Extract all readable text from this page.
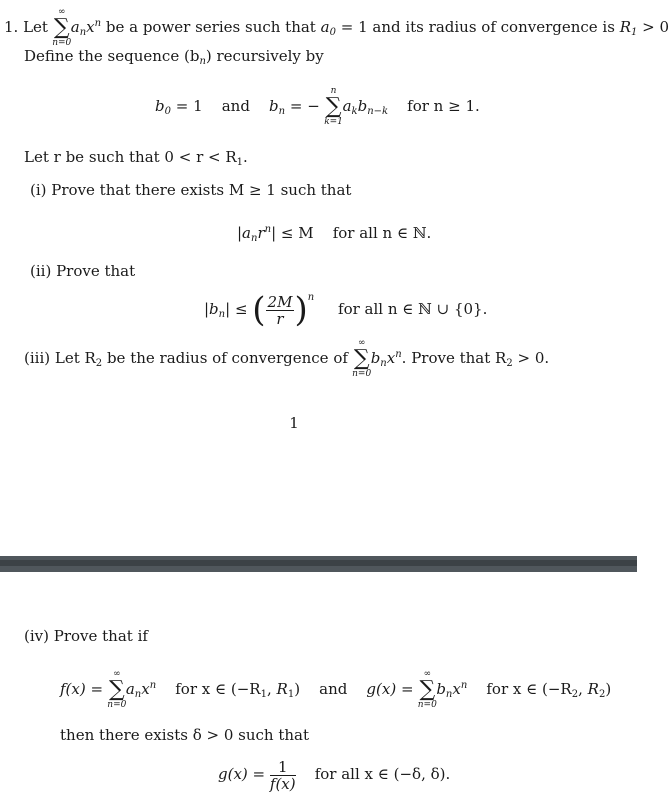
1. Let
∞
∑
n=0
$a_nx^n$ be a power series such that $a_0 = 1$ and its radius of convergence is $R_1 > 0$
Define the sequence $(b_n)$ recursively by
$b_0 = 1$ and $b_n$ = −
n
∑
k=1
$a_kb_{n-k}$ for n ≥ 1.
Let r be such that $0 < r < R_1$.
(i) Prove that there exists M ≥ 1 such that
$|a_nr^n| \le M$ for all n ∈ ℕ.
(ii) Prove that
$|b_n|$ ≤ ( $\frac{2M}{r} )^n$     for all n ∈ ℕ ∪ {0}.
(iii) Let $R_2$ be the radius of convergence of
∞
∑
n=0
$b_nx^n$. Prove that $R_2 > 0$.
1
(iv) Prove that if
f(x) =
∞
∑
n=0
$a_nx^n$ for x ∈ ($-R_1$, $R_1$) and g(x) =
∞
∑
n=0
$b_nx^n$ for x ∈ ($-R_2$, $R_2$)
then there exists δ > 0 such that
$g(x) = \frac{1}{f(x)}$ for all x ∈ (−δ, δ).
